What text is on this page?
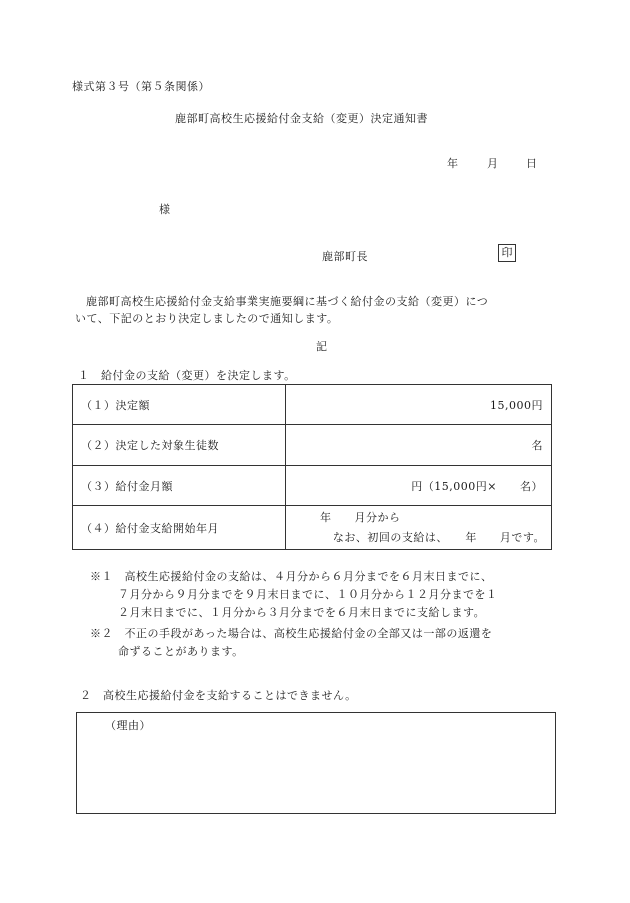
様式第３号（第５条関係）
鹿部町高校生応援給付金支給（変更）決定通知書
年	月	日
様
鹿部町長	印
鹿部町高校生応援給付金支給事業実施要綱に基づく給付金の支給（変更）につ
いて、下記のとおり決定しましたので通知します。
記
１　給付金の支給（変更）を決定します。
（１）決定額	15,000円
（２）決定した対象生徒数	名
（３）給付金月額	円（15,000円×　　名）
（４）給付金支給開始年月	年　　月分から
なお、初回の支給は、　　年　　月です。
※１　高校生応援給付金の支給は、４月分から６月分までを６月末日までに、
７月分から９月分までを９月末日までに、１０月分から１２月分までを１
２月末日までに、１月分から３月分までを６月末日までに支給します。
※２　不正の手段があった場合は、高校生応援給付金の全部又は一部の返還を
命ずることがあります。
２　高校生応援給付金を支給することはできません。
（理由）
